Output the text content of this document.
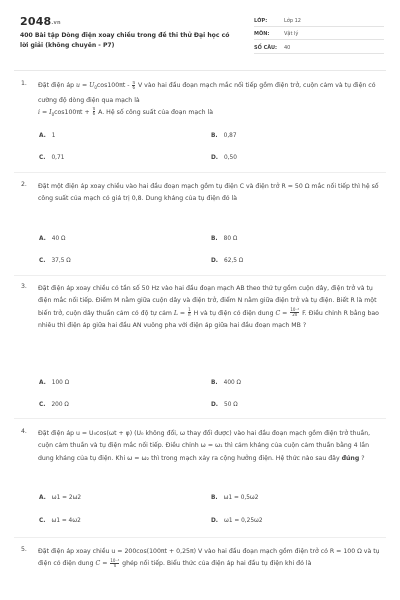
2048.vn
400 Bài tập Dòng điện xoay chiều trong đề thi thử Đại học có lời giải (không chuyên - P7)
LỚP:	Lớp 12
MÔN:	Vật lý
SỐ CÂU: 40
1. Đặt điện áp $u = U_0\cos 100\pi t - \frac{\pi}{6}$ V vào hai đầu đoạn mạch mắc nối tiếp gồm điện trở, cuộn cảm và tụ điện có cường độ dòng điện qua mạch là
$i = I_0\cos 100\pi t + \frac{\pi}{6} A$. Hệ số công suất của đoạn mạch là
A. 1	B. 0,87
C. 0,71	D. 0,50
2. Đặt một điện áp xoay chiều vào hai đầu đoạn mạch gồm tụ điện C và điện trở R = 50 Ω mắc nối tiếp thì hệ số công suất của mạch có giá trị 0,8. Dung kháng của tụ điện đó là
A. 40 Ω	B. 80 Ω
C. 37,5 Ω	D. 62,5 Ω
3. Đặt điện áp xoay chiều có tần số 50 Hz vào hai đầu đoạn mạch AB theo thứ tự gồm cuộn dây, điện trở và tụ điện mắc nối tiếp. Điểm M nằm giữa cuộn dây và điện trở, điểm N nằm giữa điện trở và tụ điện. Biết R là một biến trở, cuộn dây thuần cảm có độ tự cảm $L = \frac{1}{\pi}$ H và tụ điện có điện dung $C = \frac{\text{10⁻⁴}}{2\pi} F$. Điều chỉnh R bằng bao nhiêu thì điện áp giữa hai đầu AN vuông pha với điện áp giữa hai đầu đoạn mạch MB ?
A. 100 Ω	B. 400 Ω
C. 200 Ω	D. 50 Ω
4. Đặt điện áp u = U₀cos(ωt + φ) (U₀ không đổi, ω thay đổi được) vào hai đầu đoạn mạch gồm điện trở thuần, cuộn cảm thuần và tụ điện mắc nối tiếp. Điều chỉnh ω = ω₁ thì cảm kháng của cuộn cảm thuần bằng 4 lần dung kháng của tụ điện. Khi ω = ω₂ thì trong mạch xảy ra cộng hưởng điện. Hệ thức nào sau đây đúng ?
A. ω1 = 2ω2	B. ω1 = 0,5ω2
C. ω1 = 4ω2	D. ω1 = 0,25ω2
5. Đặt điện áp xoay chiều u = 200cos(100πt + 0,25π) V vào hai đầu đoạn mạch gồm điện trở có R = 100 Ω và tụ điện có điện dung $C = \frac{\text{10⁻⁴}}{\pi}$ ghép nối tiếp. Biểu thức của điện áp hai đầu tụ điện khi đó là
